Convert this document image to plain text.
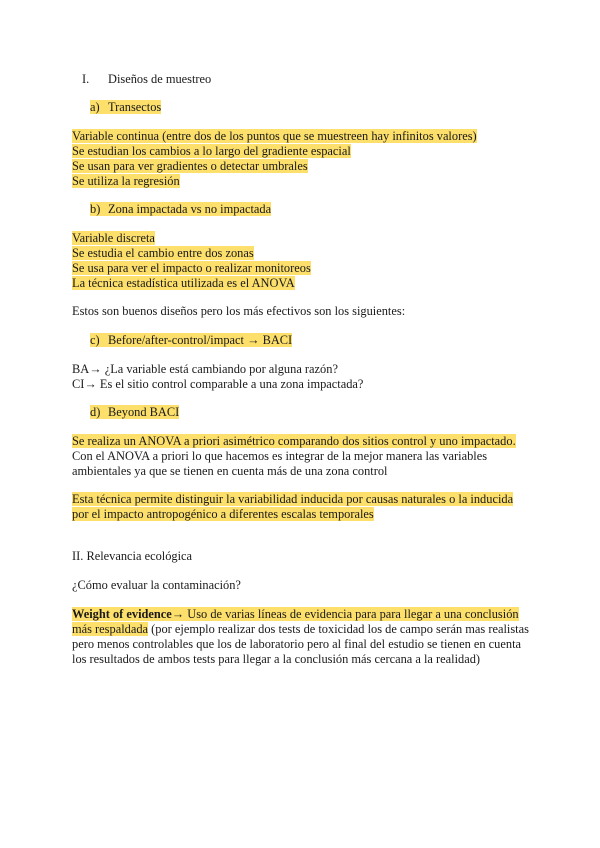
I. Diseños de muestreo
a) Transectos
Variable continua (entre dos de los puntos que se muestreen hay infinitos valores)
Se estudian los cambios a lo largo del gradiente espacial
Se usan para ver gradientes o detectar umbrales
Se utiliza la regresión
b) Zona impactada vs no impactada
Variable discreta
Se estudia el cambio entre dos zonas
Se usa para ver el impacto o realizar monitoreos
La técnica estadística utilizada es el ANOVA
Estos son buenos diseños pero los más efectivos son los siguientes:
c) Before/after-control/impact → BACI
BA→ ¿La variable está cambiando por alguna razón?
CI→ Es el sitio control comparable a una zona impactada?
d) Beyond BACI
Se realiza un ANOVA a priori asimétrico comparando dos sitios control y uno impactado.
Con el ANOVA a priori lo que hacemos es integrar de la mejor manera las variables
ambientales ya que se tienen en cuenta más de una zona control
Esta técnica permite distinguir la variabilidad inducida por causas naturales o la inducida
por el impacto antropogénico a diferentes escalas temporales
II. Relevancia ecológica
¿Cómo evaluar la contaminación?
Weight of evidence→ Uso de varias líneas de evidencia para para llegar a una conclusión
más respaldada (por ejemplo realizar dos tests de toxicidad los de campo serán mas realistas
pero menos controlables que los de laboratorio pero al final del estudio se tienen en cuenta
los resultados de ambos tests para llegar a la conclusión más cercana a la realidad)
